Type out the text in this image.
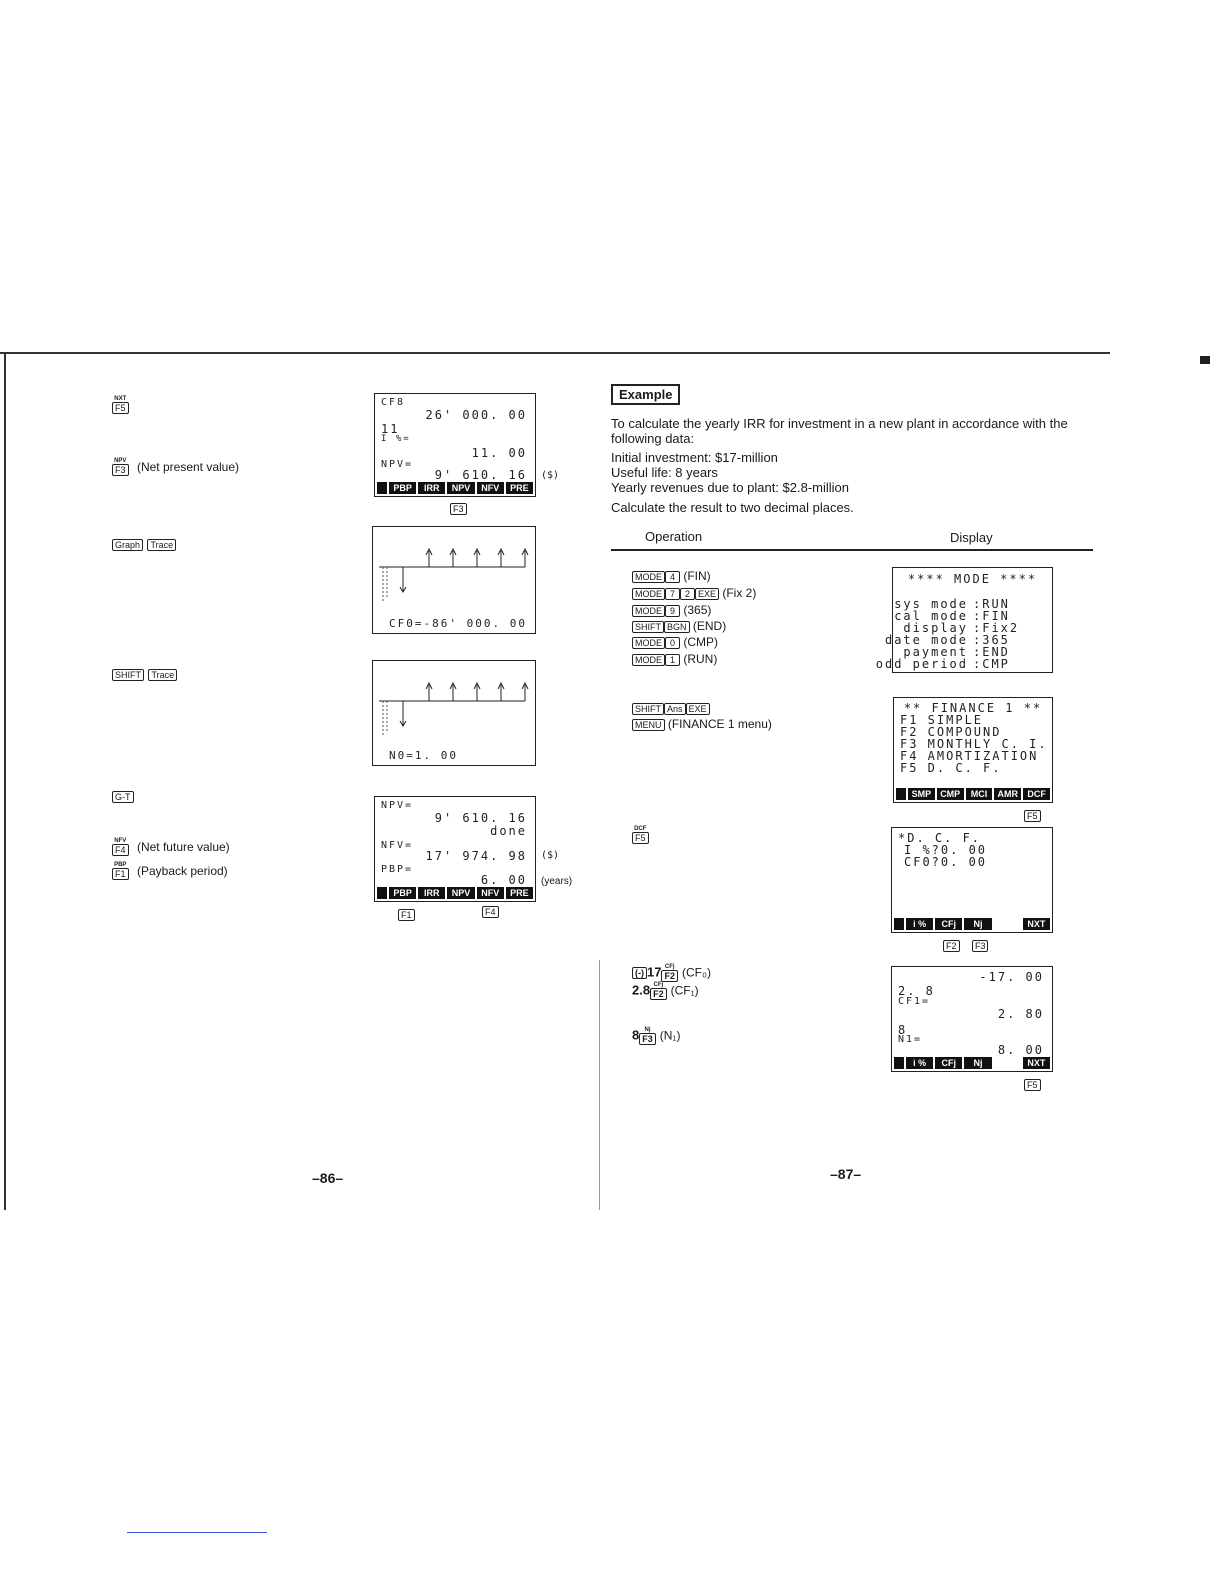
NXT
F5
NPV
F3 (Net present value)
Graph Trace
SHIFT Trace
G-T
NFV
F4 (Net future value)
PBP
F1 (Payback period)
CF8
26' 000. 00
11
I %=
11. 00
NPV=
9' 610. 16
PBP	IRR	NPV	NFV	PRE
($)
F3
CF0=-86' 000. 00
N0=1. 00
NPV=
9' 610. 16
done
NFV=
17' 974. 98
PBP=
6. 00
PBP	IRR	NPV	NFV	PRE
($)
(years)
F1	F4
–86–
Example
To calculate the yearly IRR for investment in a new plant in accordance with the following data:
Initial investment: $17-million
Useful life: 8 years
Yearly revenues due to plant: $2.8-million
Calculate the result to two decimal places.
Operation	Display
MODE 4 (FIN)
MODE 7 2 EXE (Fix 2)
MODE 9 (365)
SHIFT BGN (END)
MODE 0 (CMP)
MODE 1 (RUN)
SHIFT Ans EXE
MENU (FINANCE 1 menu)
DCF
F5
(-) 17 CFj
F2 (CF₀)
2.8 CFj
F2 (CF₁)
8 Nj
F3 (N₁)
**** MODE ****
sys mode :RUN
cal mode :FIN
display :Fix2
date mode :365
payment :END
odd period :CMP
** FINANCE 1 **
F1 SIMPLE
F2 COMPOUND
F3 MONTHLY C. I.
F4 AMORTIZATION
F5 D. C. F.
SMP	CMP	MCI	AMR	DCF
F5
*D. C. F.
I %?0. 00
CF0?0. 00
i %	CFj	Nj	NXT
F2 F3
-17. 00
2. 8
CF1=
2. 80
8
N1=
8. 00
i %	CFj	Nj	NXT
F5
–87–
